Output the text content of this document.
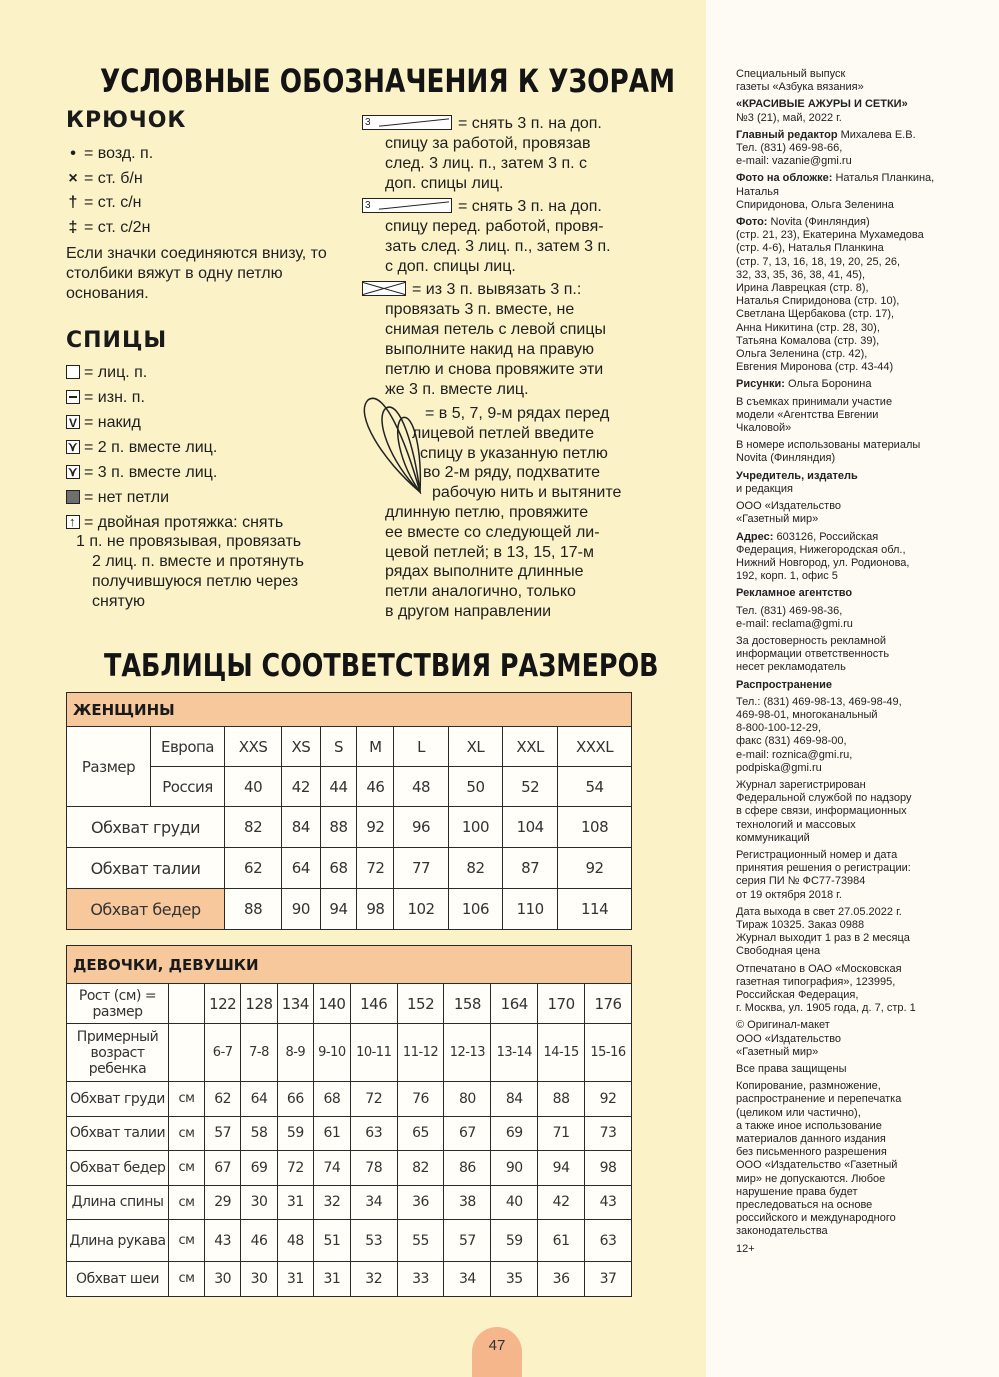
УСЛОВНЫЕ ОБОЗНАЧЕНИЯ К УЗОРАМ
КРЮЧОК
• = возд. п.
× = ст. б/н
† = ст. с/н
‡ = ст. с/2н
Если значки соединяются внизу, то столбики вяжут в одну петлю основания.
СПИЦЫ
= лиц. п.
= изн. п.
V= накид
⋎= 2 п. вместе лиц.
⋎= 3 п. вместе лиц.
= нет петли
↑= двойная протяжка: снять
1 п. не провязывая, провязать
2 лиц. п. вместе и протянуть
получившуюся петлю через
снятую
3= снять 3 п. на доп.
спицу за работой, провязав
след. 3 лиц. п., затем 3 п. с
доп. спицы лиц.
3= снять 3 п. на доп.
спицу перед. работой, провя-
зать след. 3 лиц. п., затем 3 п.
с доп. спицы лиц.
= из 3 п. вывязать 3 п.:
провязать 3 п. вместе, не
снимая петель с левой спицы
выполните накид на правую
петлю и снова провяжите эти
же 3 п. вместе лиц.
= в 5, 7, 9-м рядах перед
лицевой петлей введите
спицу в указанную петлю
во 2-м ряду, подхватите
рабочую нить и вытяните
длинную петлю, провяжите
ее вместе со следующей ли-
цевой петлей; в 13, 15, 17-м
рядах выполните длинные
петли аналогично, только
в другом направлении
ТАБЛИЦЫ СООТВЕТСТВИЯ РАЗМЕРОВ
ЖЕНЩИНЫ									
Размер	Европа	XXS	XS	S	M	L	XL	XXL	XXXL
	Россия	40	42	44	46	48	50	52	54
Обхват груди		82	84	88	92	96	100	104	108
Обхват талии		62	64	68	72	77	82	87	92
Обхват бедер		88	90	94	98	102	106	110	114
ДЕВОЧКИ, ДЕВУШКИ											
Рост (см) = размер		122	128	134	140	146	152	158	164	170	176
Примерный возраст ребенка		6-7	7-8	8-9	9-10	10-11	11-12	12-13	13-14	14-15	15-16
Обхват груди	см	62	64	66	68	72	76	80	84	88	92
Обхват талии	см	57	58	59	61	63	65	67	69	71	73
Обхват бедер	см	67	69	72	74	78	82	86	90	94	98
Длина спины	см	29	30	31	32	34	36	38	40	42	43
Длина рукава	см	43	46	48	51	53	55	57	59	61	63
Обхват шеи	см	30	30	31	31	32	33	34	35	36	37

Специальный выпуск
газеты «Азбука вязания»

«КРАСИВЫЕ АЖУРЫ И СЕТКИ»
№3 (21), май, 2022 г.

Главный редактор Михалева Е.В.
Тел. (831) 469-98-66,
e-mail: vazanie@gmi.ru

Фото на обложке: Наталья Планкина, Наталья
Спиридонова, Ольга Зеленина

Фото: Novita (Финляндия)
(стр. 21, 23), Екатерина Мухамедова
(стр. 4-6), Наталья Планкина
(стр. 7, 13, 16, 18, 19, 20, 25, 26,
32, 33, 35, 36, 38, 41, 45),
Ирина Лаврецкая (стр. 8),
Наталья Спиридонова (стр. 10),
Светлана Щербакова (стр. 17),
Анна Никитина (стр. 28, 30),
Татьяна Комалова (стр. 39),
Ольга Зеленина (стр. 42),
Евгения Миронова (стр. 43-44)

Рисунки: Ольга Боронина

В съемках принимали участие
модели «Агентства Евгении
Чкаловой»

В номере использованы материалы
Novita (Финляндия)

Учредитель, издатель
и редакция

ООО «Издательство
«Газетный мир»

Адрес: 603126, Российская
Федерация, Нижегородская обл.,
Нижний Новгород, ул. Родионова,
192, корп. 1, офис 5

Рекламное агентство

Тел. (831) 469-98-36,
e-mail: reclama@gmi.ru

За достоверность рекламной
информации ответственность
несет рекламодатель

Распространение

Тел.: (831) 469-98-13, 469-98-49,
469-98-01, многоканальный
8-800-100-12-29,
факс (831) 469-98-00,
e-mail: roznica@gmi.ru,
podpiska@gmi.ru

Журнал зарегистрирован
Федеральной службой по надзору
в сфере связи, информационных
технологий и массовых
коммуникаций

Регистрационный номер и дата
принятия решения о регистрации:
серия ПИ № ФС77-73984
от 19 октября 2018 г.

Дата выхода в свет 27.05.2022 г.
Тираж 10325. Заказ 0988
Журнал выходит 1 раз в 2 месяца
Свободная цена

Отпечатано в ОАО «Московская
газетная типография», 123995,
Российская Федерация,
г. Москва, ул. 1905 года, д. 7, стр. 1

© Оригинал-макет
ООО «Издательство
«Газетный мир»

Все права защищены

Копирование, размножение,
распространение и перепечатка
(целиком или частично),
а также иное использование
материалов данного издания
без письменного разрешения
ООО «Издательство «Газетный
мир» не допускаются. Любое
нарушение права будет
преследоваться на основе
российского и международного
законодательства

12+

47
